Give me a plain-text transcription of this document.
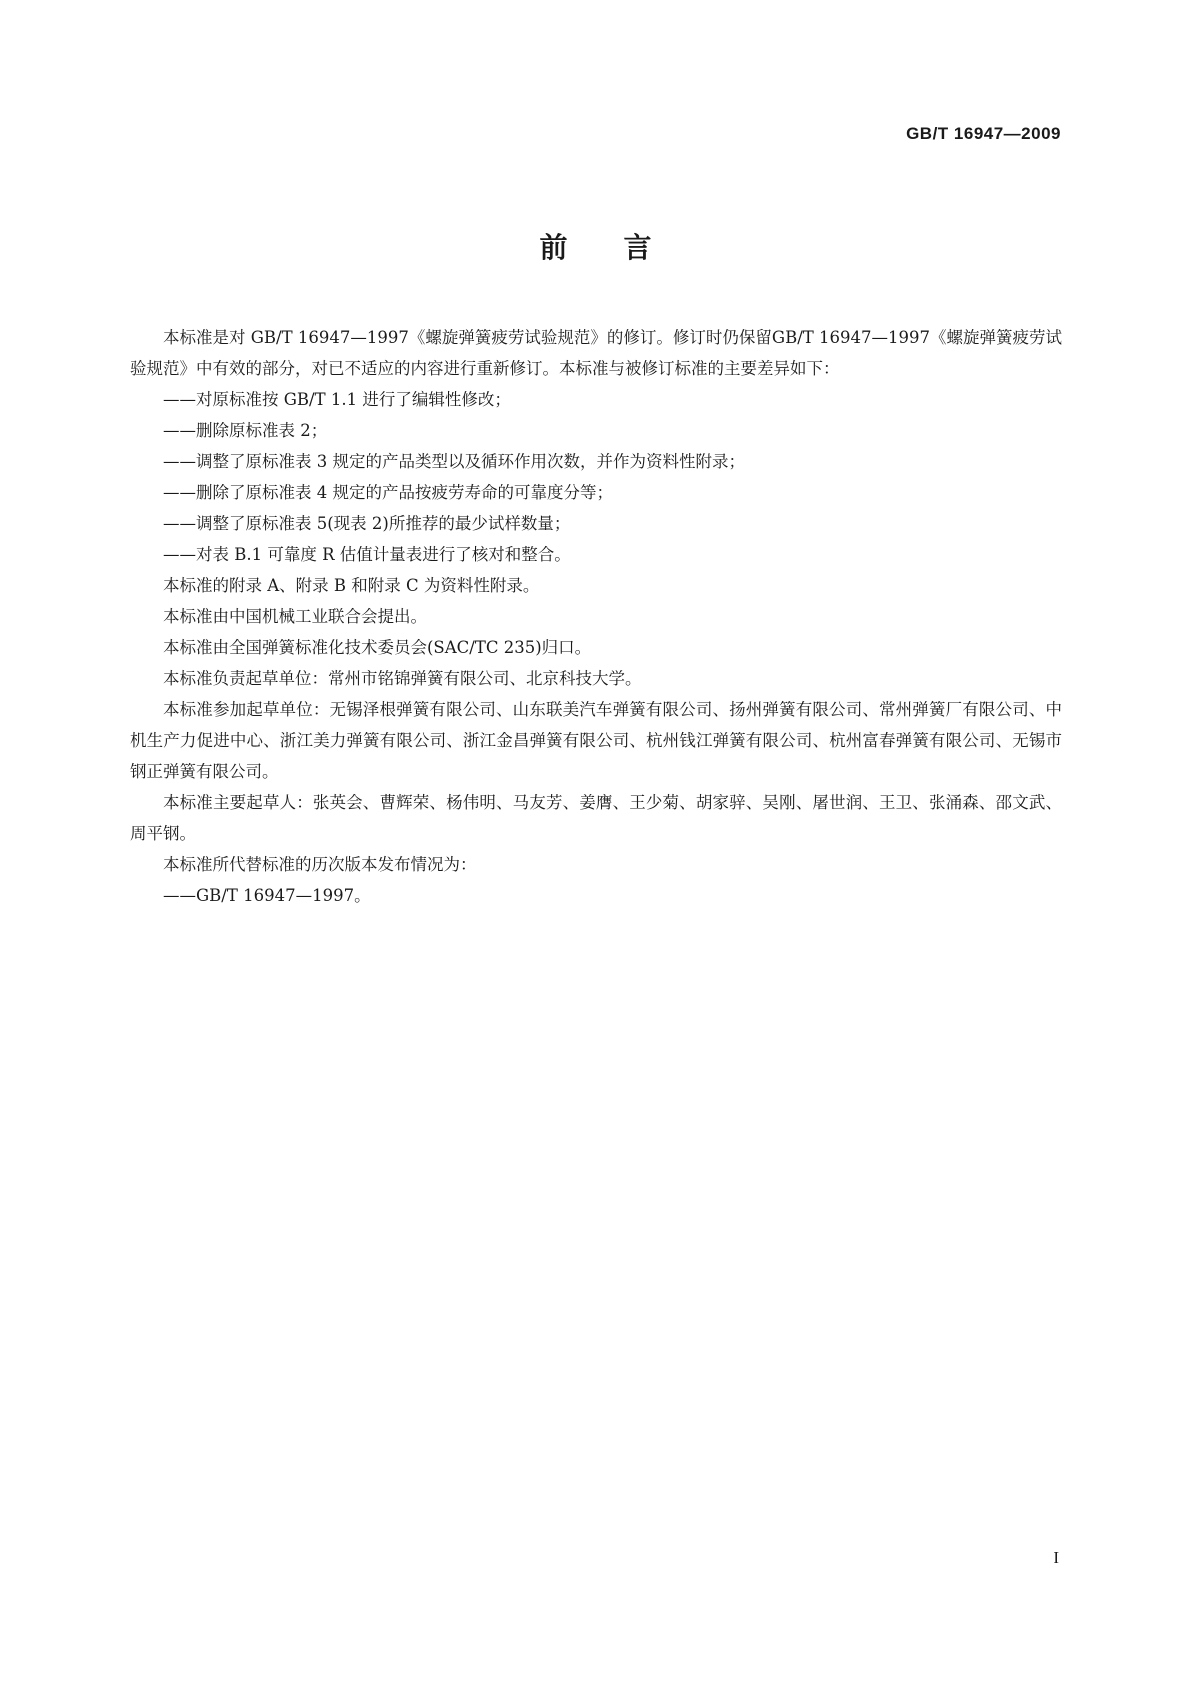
GB/T 16947—2009
前 言

本标准是对 GB/T 16947—1997《螺旋弹簧疲劳试验规范》的修订。修订时仍保留GB/T 16947—1997《螺旋弹簧疲劳试验规范》中有效的部分，对已不适应的内容进行重新修订。本标准与被修订标准的主要差异如下：

——对原标准按 GB/T 1.1 进行了编辑性修改；

——删除原标准表 2；

——调整了原标准表 3 规定的产品类型以及循环作用次数，并作为资料性附录；

——删除了原标准表 4 规定的产品按疲劳寿命的可靠度分等；

——调整了原标准表 5(现表 2)所推荐的最少试样数量；

——对表 B.1 可靠度 R 估值计量表进行了核对和整合。

本标准的附录 A、附录 B 和附录 C 为资料性附录。

本标准由中国机械工业联合会提出。

本标准由全国弹簧标准化技术委员会(SAC/TC 235)归口。

本标准负责起草单位：常州市铭锦弹簧有限公司、北京科技大学。

本标准参加起草单位：无锡泽根弹簧有限公司、山东联美汽车弹簧有限公司、扬州弹簧有限公司、常州弹簧厂有限公司、中机生产力促进中心、浙江美力弹簧有限公司、浙江金昌弹簧有限公司、杭州钱江弹簧有限公司、杭州富春弹簧有限公司、无锡市钢正弹簧有限公司。

本标准主要起草人：张英会、曹辉荣、杨伟明、马友芳、姜膺、王少菊、胡家骍、吴刚、屠世润、王卫、张涌森、邵文武、周平钢。

本标准所代替标准的历次版本发布情况为：

——GB/T 16947—1997。

I
